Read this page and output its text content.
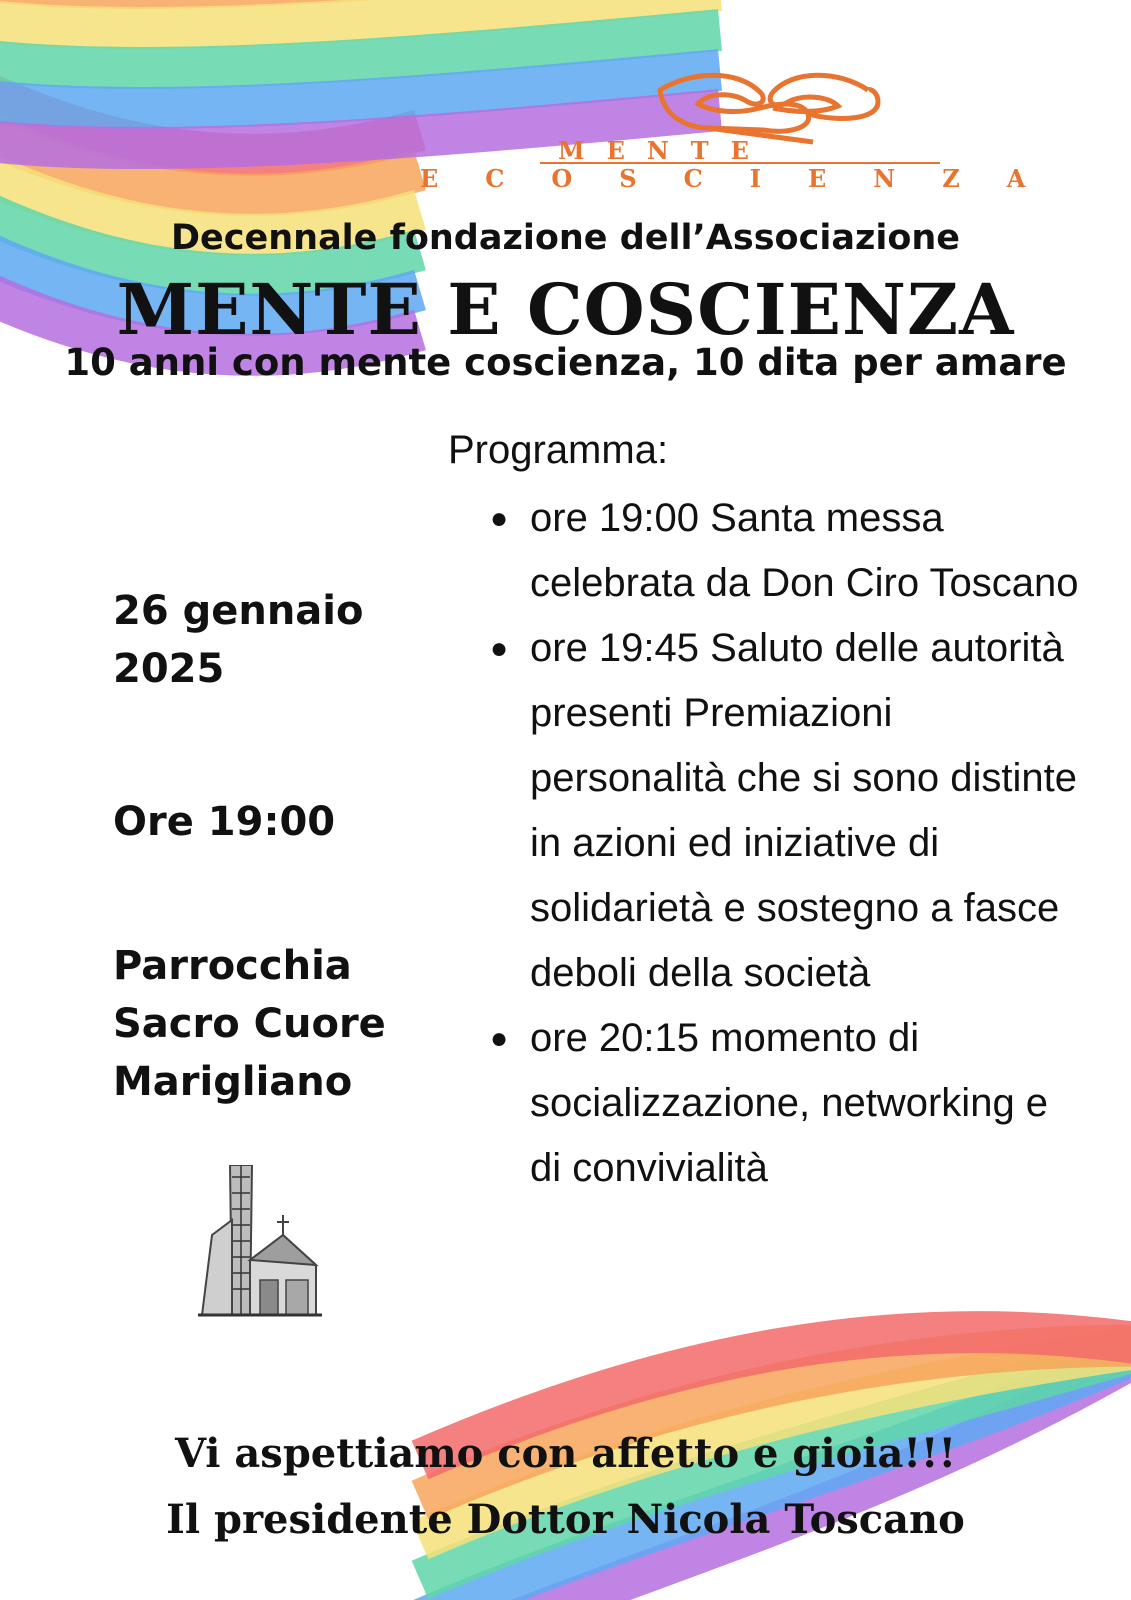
MENTE
ECOSCIENZA
Decennale fondazione dell’Associazione
MENTE E COSCIENZA
10 anni con mente coscienza, 10 dita per amare
26 gennaio 2025
Ore 19:00
Parrocchia Sacro Cuore Marigliano
Programma:
● ore 19:00 Santa messa celebrata da Don Ciro Toscano
● ore 19:45 Saluto delle autorità presenti Premiazioni personalità che si sono distinte in azioni ed iniziative di solidarietà e sostegno a fasce deboli della società
● ore 20:15 momento di socializzazione, networking e di convivialità
Vi aspettiamo con affetto e gioia!!!
Il presidente Dottor Nicola Toscano
